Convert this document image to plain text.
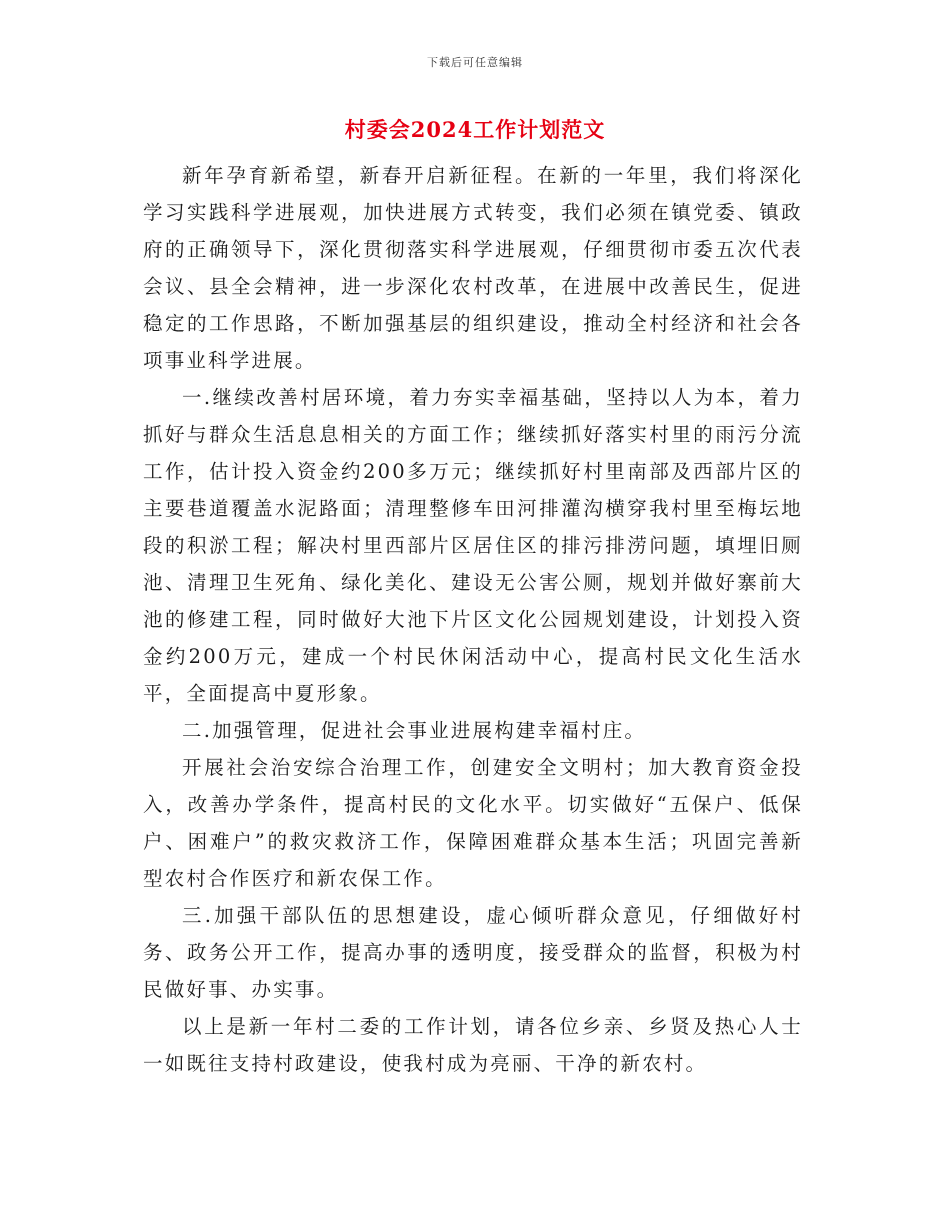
下载后可任意编辑
村委会2024工作计划范文

新年孕育新希望，新春开启新征程。在新的一年里，我们将深化学习实践科学进展观，加快进展方式转变，我们必须在镇党委、镇政府的正确领导下，深化贯彻落实科学进展观，仔细贯彻市委五次代表会议、县全会精神，进一步深化农村改革，在进展中改善民生，促进稳定的工作思路，不断加强基层的组织建设，推动全村经济和社会各项事业科学进展。

一.继续改善村居环境，着力夯实幸福基础，坚持以人为本，着力抓好与群众生活息息相关的方面工作；继续抓好落实村里的雨污分流工作，估计投入资金约200多万元；继续抓好村里南部及西部片区的主要巷道覆盖水泥路面；清理整修车田河排灌沟横穿我村里至梅坛地段的积淤工程；解决村里西部片区居住区的排污排涝问题，填埋旧厕池、清理卫生死角、绿化美化、建设无公害公厕，规划并做好寨前大池的修建工程，同时做好大池下片区文化公园规划建设，计划投入资金约200万元，建成一个村民休闲活动中心，提高村民文化生活水平，全面提高中夏形象。

二.加强管理，促进社会事业进展构建幸福村庄。

开展社会治安综合治理工作，创建安全文明村；加大教育资金投入，改善办学条件，提高村民的文化水平。切实做好“五保户、低保户、困难户”的救灾救济工作，保障困难群众基本生活；巩固完善新型农村合作医疗和新农保工作。

三.加强干部队伍的思想建设，虚心倾听群众意见，仔细做好村务、政务公开工作，提高办事的透明度，接受群众的监督，积极为村民做好事、办实事。

以上是新一年村二委的工作计划，请各位乡亲、乡贤及热心人士一如既往支持村政建设，使我村成为亮丽、干净的新农村。
